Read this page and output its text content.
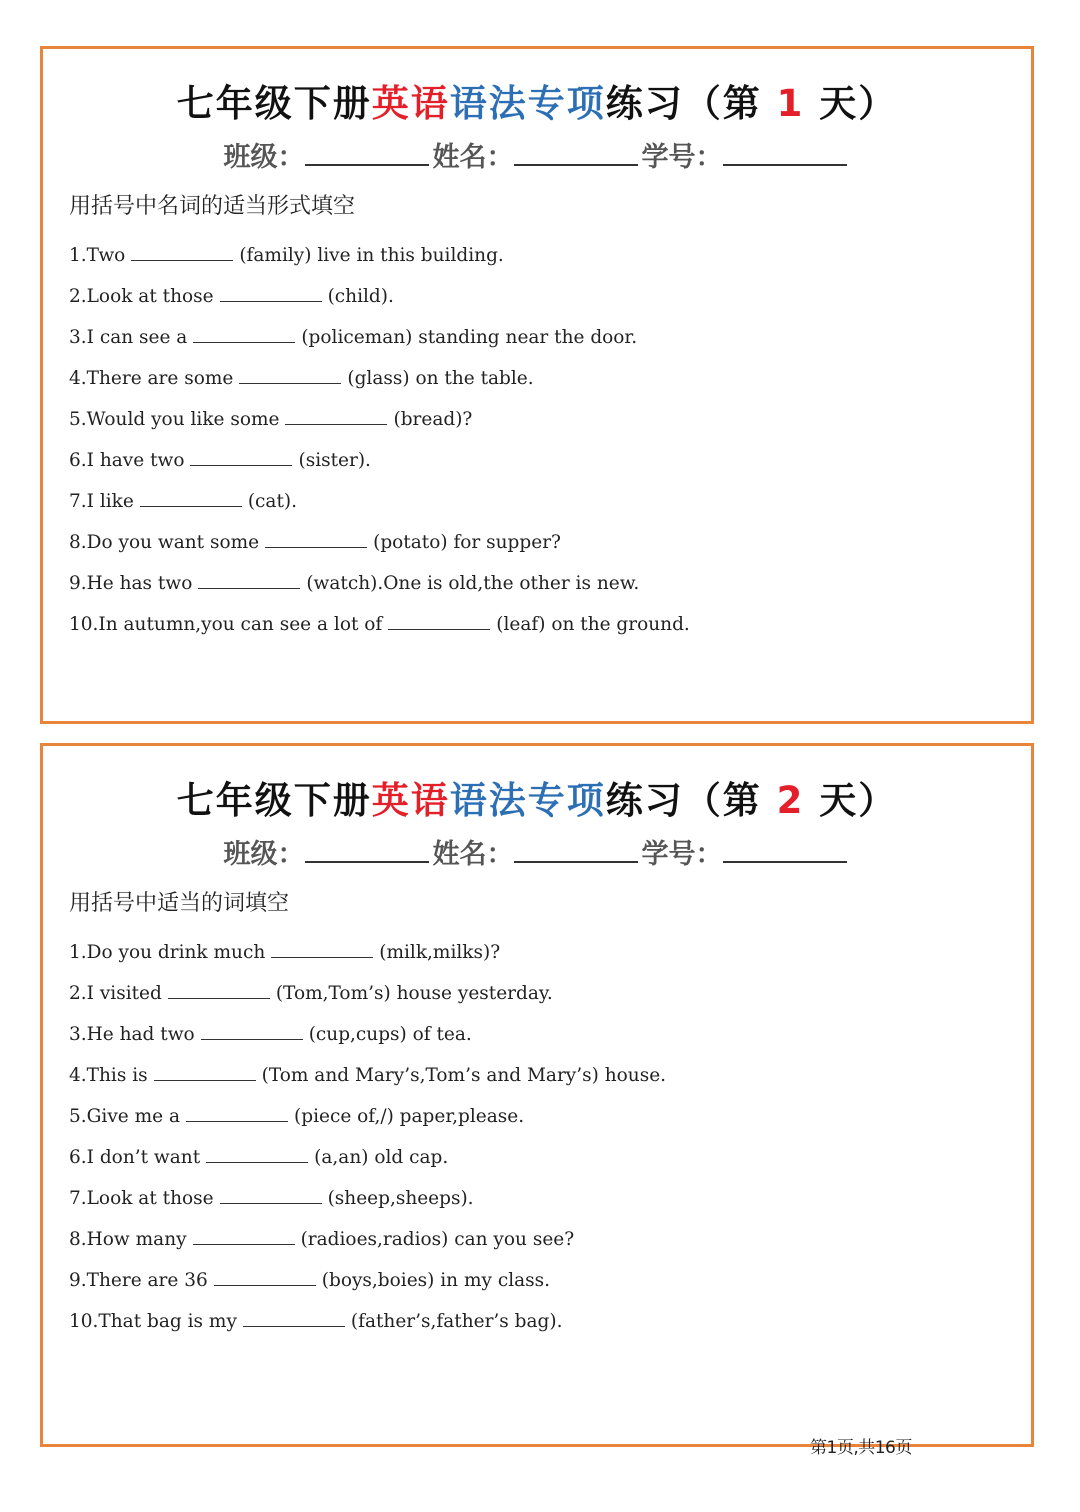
七年级下册英语语法专项练习（第 1 天）
班级：	姓名：	学号：
用括号中名词的适当形式填空
1.Two	(family) live in this building.
2.Look at those	(child).
3.I can see a	(policeman) standing near the door.
4.There are some	(glass) on the table.
5.Would you like some	(bread)?
6.I have two	(sister).
7.I like	(cat).
8.Do you want some	(potato) for supper?
9.He has two	(watch).One is old,the other is new.
10.In autumn,you can see a lot of	(leaf) on the ground.
七年级下册英语语法专项练习（第 2 天）
班级：	姓名：	学号：
用括号中适当的词填空
1.Do you drink much	(milk,milks)?
2.I visited	(Tom,Tom’s) house yesterday.
3.He had two	(cup,cups) of tea.
4.This is	(Tom and Mary’s,Tom’s and Mary’s) house.
5.Give me a	(piece of,/) paper,please.
6.I don’t want	(a,an) old cap.
7.Look at those	(sheep,sheeps).
8.How many	(radioes,radios) can you see?
9.There are 36	(boys,boies) in my class.
10.That bag is my	(father’s,father’s bag).
第1页,共16页
